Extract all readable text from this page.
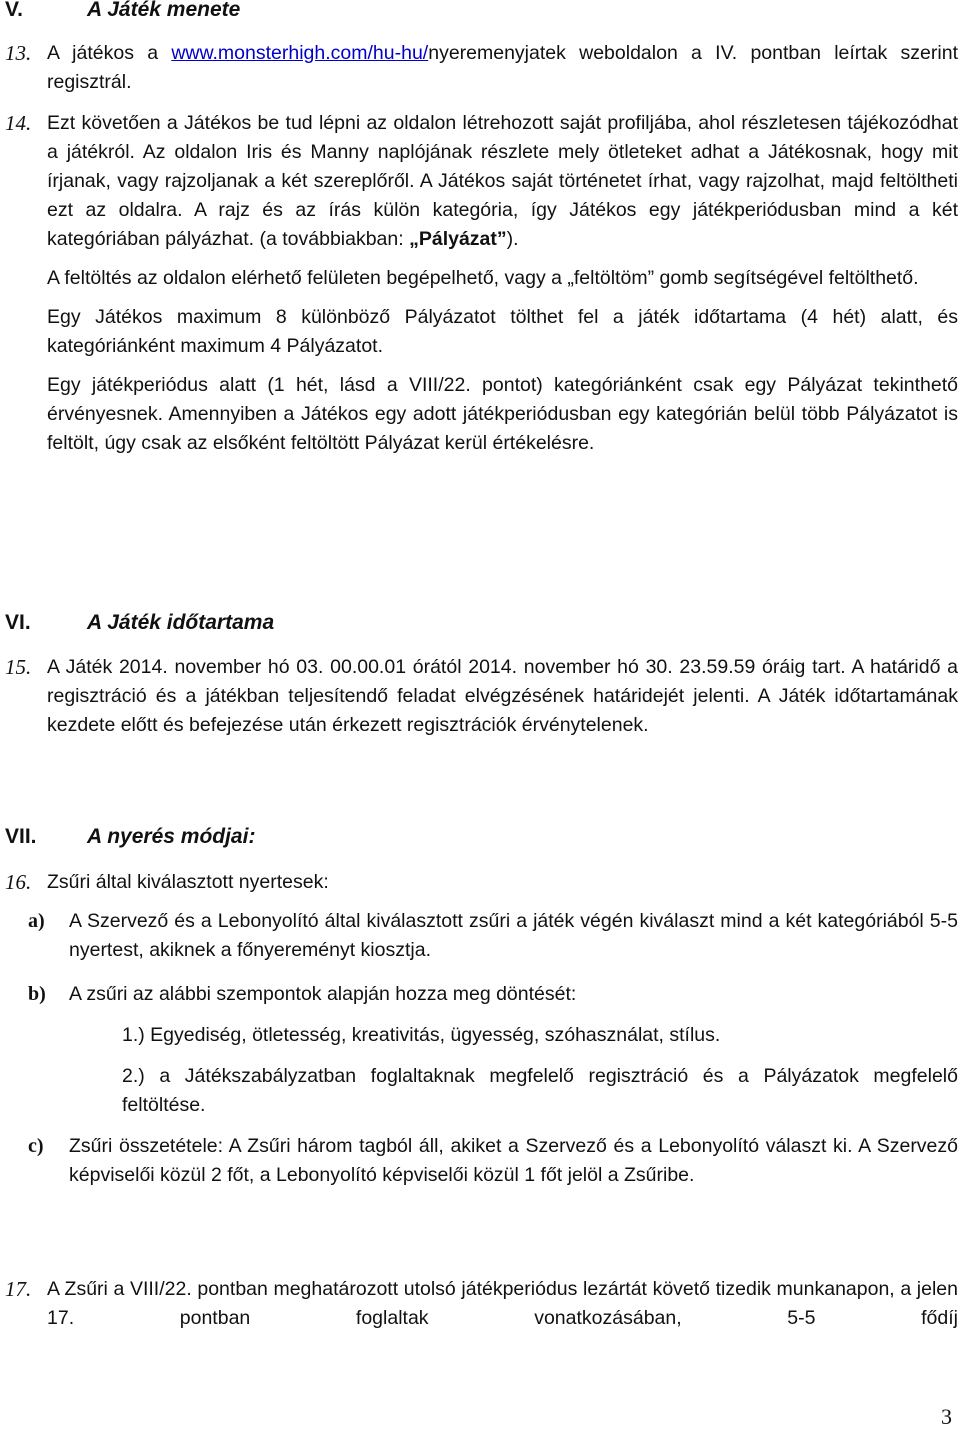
V.	A Játék menete
13. A játékos a www.monsterhigh.com/hu-hu/nyeremenyjatek weboldalon a IV. pontban leírtak szerint regisztrál.
14. Ezt követően a Játékos be tud lépni az oldalon létrehozott saját profiljába, ahol részletesen tájékozódhat a játékról. Az oldalon Iris és Manny naplójának részlete mely ötleteket adhat a Játékosnak, hogy mit írjanak, vagy rajzoljanak a két szereplőről. A Játékos saját történetet írhat, vagy rajzolhat, majd feltöltheti ezt az oldalra. A rajz és az írás külön kategória, így Játékos egy játékperiódusban mind a két kategóriában pályázhat. (a továbbiakban: „Pályázat”).

A feltöltés az oldalon elérhető felületen begépelhető, vagy a „feltöltöm” gomb segítségével feltölthető.

Egy Játékos maximum 8 különböző Pályázatot tölthet fel a játék időtartama (4 hét) alatt, és kategóriánként maximum 4 Pályázatot.

Egy játékperiódus alatt (1 hét, lásd a VIII/22. pontot) kategóriánként csak egy Pályázat tekinthető érvényesnek. Amennyiben a Játékos egy adott játékperiódusban egy kategórián belül több Pályázatot is feltölt, úgy csak az elsőként feltöltött Pályázat kerül értékelésre.

VI.	A Játék időtartama
15. A Játék 2014. november hó 03. 00.00.01 órától 2014. november hó 30. 23.59.59 óráig tart. A határidő a regisztráció és a játékban teljesítendő feladat elvégzésének határidejét jelenti. A Játék időtartamának kezdete előtt és befejezése után érkezett regisztrációk érvénytelenek.
VII. A nyerés módjai:
16. Zsűri által kiválasztott nyertesek:
a) A Szervező és a Lebonyolító által kiválasztott zsűri a játék végén kiválaszt mind a két kategóriából 5-5 nyertest, akiknek a főnyereményt kiosztja.
b) A zsűri az alábbi szempontok alapján hozza meg döntését:
1.) Egyediség, ötletesség, kreativitás, ügyesség, szóhasználat, stílus.
2.) a Játékszabályzatban foglaltaknak megfelelő regisztráció és a Pályázatok megfelelő feltöltése.
c) Zsűri összetétele: A Zsűri három tagból áll, akiket a Szervező és a Lebonyolító választ ki. A Szervező képviselői közül 2 főt, a Lebonyolító képviselői közül 1 főt jelöl a Zsűribe.
17. A Zsűri a VIII/22. pontban meghatározott utolsó játékperiódus lezártát követő tizedik munkanapon, a jelen 17. pontban foglaltak vonatkozásában, 5-5 fődíj
3
